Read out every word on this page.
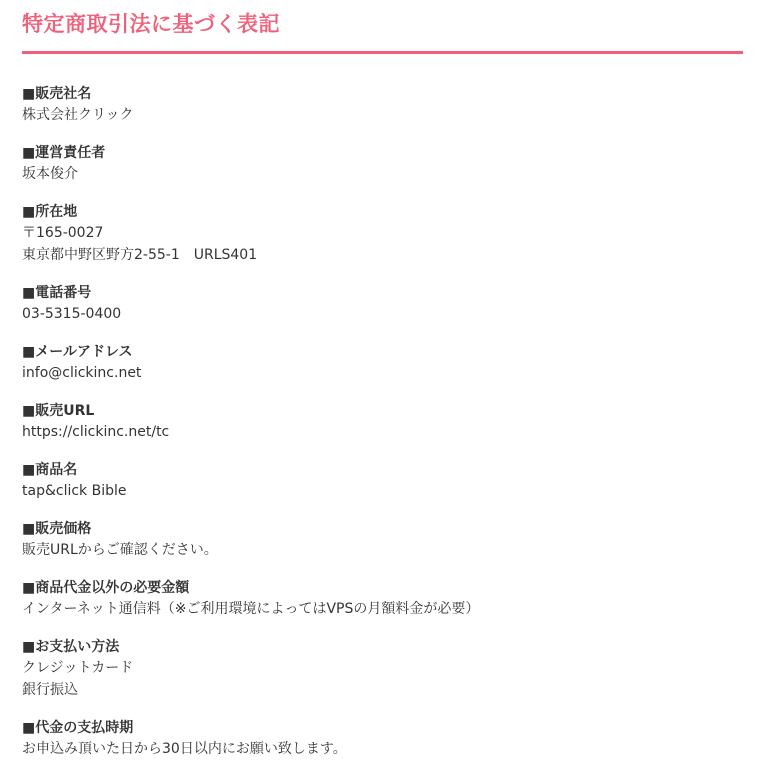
特定商取引法に基づく表記

■販売社名

株式会社クリック

■運営責任者

坂本俊介

■所在地

〒165-0027

東京都中野区野方2-55-1　URLS401

■電話番号

03-5315-0400

■メールアドレス

info@clickinc.net

■販売URL

https://clickinc.net/tc

■商品名

tap&click Bible

■販売価格

販売URLからご確認ください。

■商品代金以外の必要金額

インターネット通信料（※ご利用環境によってはVPSの月額料金が必要）

■お支払い方法

クレジットカード

銀行振込

■代金の支払時期

お申込み頂いた日から30日以内にお願い致します。
